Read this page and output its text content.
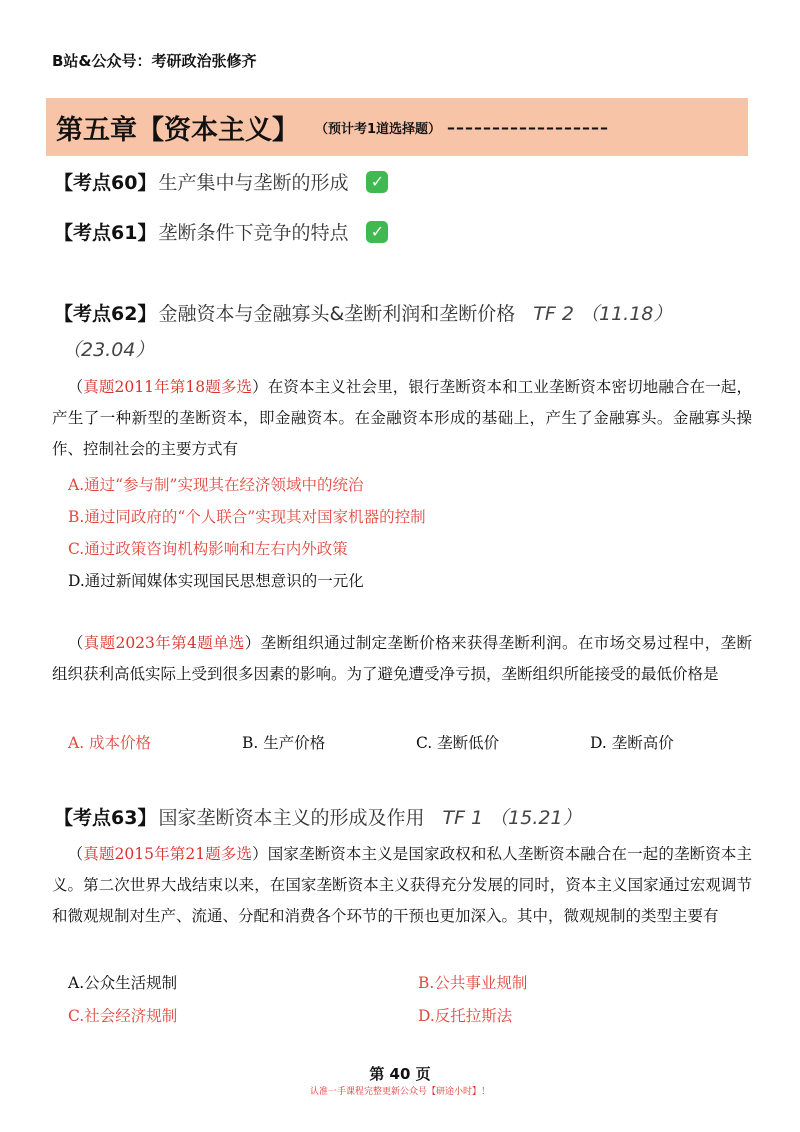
B站&公众号：考研政治张修齐
第五章【资本主义】 （预计考1道选择题） ––––––––––––––––––
【考点60】 生产集中与垄断的形成 ✓
【考点61】 垄断条件下竞争的特点 ✓
【考点62】 金融资本与金融寡头&垄断利润和垄断价格 TF 2 （11.18）
（23.04）
 （真题2011年第18题多选）在资本主义社会里，银行垄断资本和工业垄断资本密切地融合在一起，产生了一种新型的垄断资本，即金融资本。在金融资本形成的基础上，产生了金融寡头。金融寡头操作、控制社会的主要方式有
A.通过“参与制”实现其在经济领域中的统治
B.通过同政府的“个人联合”实现其对国家机器的控制
C.通过政策咨询机构影响和左右内外政策
D.通过新闻媒体实现国民思想意识的一元化
 （真题2023年第4题单选）垄断组织通过制定垄断价格来获得垄断利润。在市场交易过程中，垄断组织获利高低实际上受到很多因素的影响。为了避免遭受净亏损，垄断组织所能接受的最低价格是
A. 成本价格	B. 生产价格	C. 垄断低价	D. 垄断高价
【考点63】 国家垄断资本主义的形成及作用 TF 1 （15.21）
 （真题2015年第21题多选）国家垄断资本主义是国家政权和私人垄断资本融合在一起的垄断资本主义。第二次世界大战结束以来，在国家垄断资本主义获得充分发展的同时，资本主义国家通过宏观调节和微观规制对生产、流通、分配和消费各个环节的干预也更加深入。其中，微观规制的类型主要有
A.公众生活规制	B.公共事业规制
C.社会经济规制	D.反托拉斯法
第 40 页
认准一手课程完整更新公众号【研途小时】！
